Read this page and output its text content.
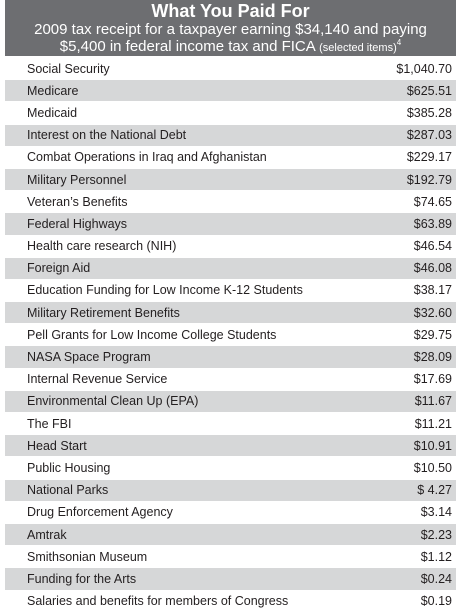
What You Paid For
2009 tax receipt for a taxpayer earning $34,140 and paying
$5,400 in federal income tax and FICA (selected items)$^4$
Social Security	$1,040.70
Medicare	$625.51
Medicaid	$385.28
Interest on the National Debt	$287.03
Combat Operations in Iraq and Afghanistan	$229.17
Military Personnel	$192.79
Veteran’s Benefits	$74.65
Federal Highways	$63.89
Health care research (NIH)	$46.54
Foreign Aid	$46.08
Education Funding for Low Income K-12 Students	$38.17
Military Retirement Benefits	$32.60
Pell Grants for Low Income College Students	$29.75
NASA Space Program	$28.09
Internal Revenue Service	$17.69
Environmental Clean Up (EPA)	$11.67
The FBI	$11.21
Head Start	$10.91
Public Housing	$10.50
National Parks	$ 4.27
Drug Enforcement Agency	$3.14
Amtrak	$2.23
Smithsonian Museum	$1.12
Funding for the Arts	$0.24
Salaries and benefits for members of Congress	$0.19
